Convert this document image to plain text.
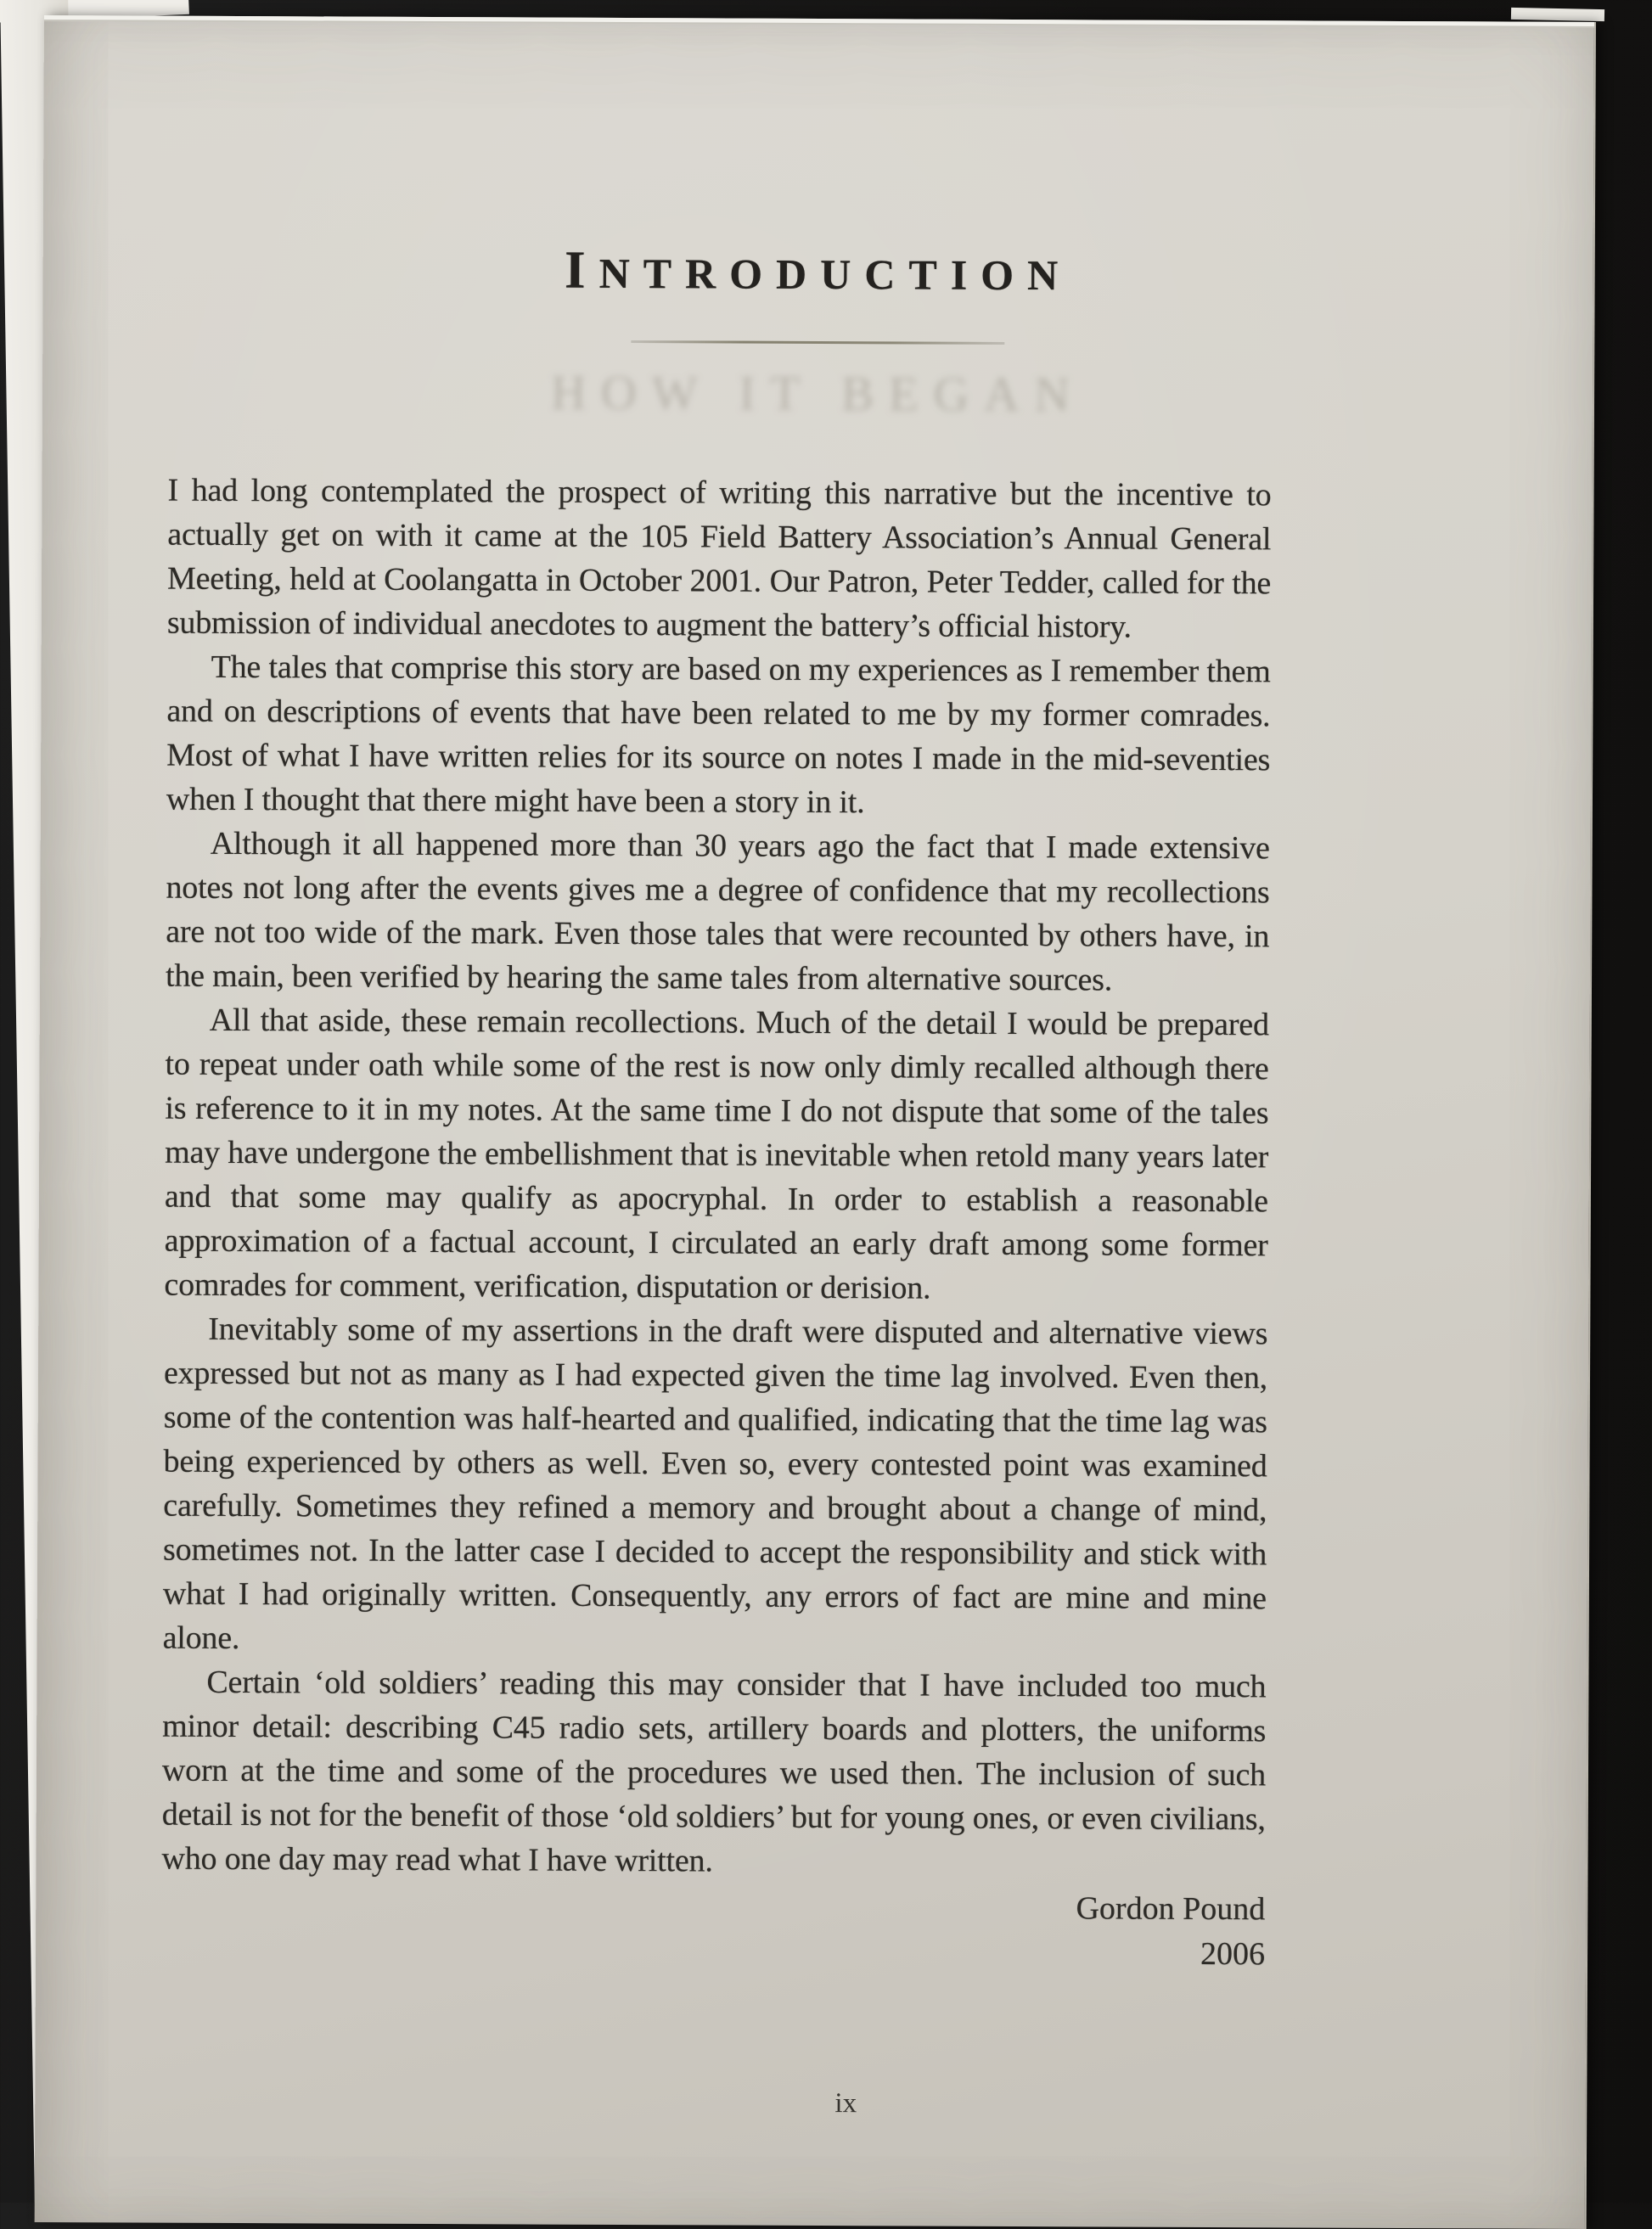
HOW IT BEGAN
INTRODUCTION

I had long contemplated the prospect of writing this narrative but the incentive to actually get on with it came at the 105 Field Battery Association’s Annual General Meeting, held at Coolangatta in October 2001. Our Patron, Peter Tedder, called for the submission of individual anecdotes to augment the battery’s official history.

The tales that comprise this story are based on my experiences as I remember them and on descriptions of events that have been related to me by my former comrades. Most of what I have written relies for its source on notes I made in the mid-seventies when I thought that there might have been a story in it.

Although it all happened more than 30 years ago the fact that I made extensive notes not long after the events gives me a degree of confidence that my recollections are not too wide of the mark. Even those tales that were recounted by others have, in the main, been verified by hearing the same tales from alternative sources.

All that aside, these remain recollections. Much of the detail I would be prepared to repeat under oath while some of the rest is now only dimly recalled although there is reference to it in my notes. At the same time I do not dispute that some of the tales may have undergone the embellishment that is inevitable when retold many years later and that some may qualify as apocryphal. In order to establish a reasonable approximation of a factual account, I circulated an early draft among some former comrades for comment, verification, disputation or derision.

Inevitably some of my assertions in the draft were disputed and alternative views expressed but not as many as I had expected given the time lag involved. Even then, some of the contention was half-hearted and qualified, indicating that the time lag was being experienced by others as well. Even so, every contested point was examined carefully. Sometimes they refined a memory and brought about a change of mind, sometimes not. In the latter case I decided to accept the responsibility and stick with what I had originally written. Consequently, any errors of fact are mine and mine alone.

Certain ‘old soldiers’ reading this may consider that I have included too much minor detail: describing C45 radio sets, artillery boards and plotters, the uniforms worn at the time and some of the procedures we used then. The inclusion of such detail is not for the benefit of those ‘old soldiers’ but for young ones, or even civilians, who one day may read what I have written.

Gordon Pound
2006
ix
